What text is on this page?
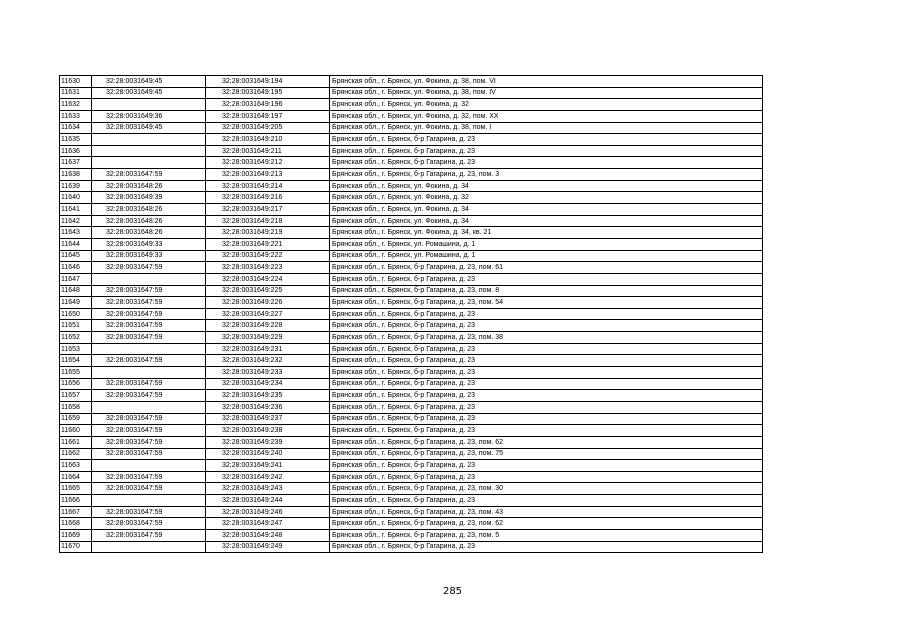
11630	32:28:0031649:45	32:28:0031649:194	Брянская обл., г. Брянск, ул. Фокина, д. 38, пом. VI
11631	32:28:0031649:45	32:28:0031649:195	Брянская обл., г. Брянск, ул. Фокина, д. 38, пом. IV
11632		32:28:0031649:196	Брянская обл., г. Брянск, ул. Фокина, д. 32
11633	32:28:0031649:36	32:28:0031649:197	Брянская обл., г. Брянск, ул. Фокина, д. 32, пом. XX
11634	32:28:0031649:45	32:28:0031649:205	Брянская обл., г. Брянск, ул. Фокина, д. 38, пом. I
11635		32:28:0031649:210	Брянская обл., г. Брянск, б-р Гагарина, д. 23
11636		32:28:0031649:211	Брянская обл., г. Брянск, б-р Гагарина, д. 23
11637		32:28:0031649:212	Брянская обл., г. Брянск, б-р Гагарина, д. 23
11638	32:28:0031647:59	32:28:0031649:213	Брянская обл., г. Брянск, б-р Гагарина, д. 23, пом. 3
11639	32:28:0031648:26	32:28:0031649:214	Брянская обл., г. Брянск, ул. Фокина, д. 34
11640	32:28:0031649:39	32:28:0031649:216	Брянская обл., г. Брянск, ул. Фокина, д. 32
11641	32:28:0031648:26	32:28:0031649:217	Брянская обл., г. Брянск, ул. Фокина, д. 34
11642	32:28:0031648:26	32:28:0031649:218	Брянская обл., г. Брянск, ул. Фокина, д. 34
11643	32:28:0031648:26	32:28:0031649:219	Брянская обл., г. Брянск, ул. Фокина, д. 34, кв. 21
11644	32:28:0031649:33	32:28:0031649:221	Брянская обл., г. Брянск, ул. Ромашина, д. 1
11645	32:28:0031649:33	32:28:0031649:222	Брянская обл., г. Брянск, ул. Ромашина, д. 1
11646	32:28:0031647:59	32:28:0031649:223	Брянская обл., г. Брянск, б-р Гагарина, д. 23, пом. 61
11647		32:28:0031649:224	Брянская обл., г. Брянск, б-р Гагарина, д. 23
11648	32:28:0031647:59	32:28:0031649:225	Брянская обл., г. Брянск, б-р Гагарина, д. 23, пом. 8
11649	32:28:0031647:59	32:28:0031649:226	Брянская обл., г. Брянск, б-р Гагарина, д. 23, пом. 54
11650	32:28:0031647:59	32:28:0031649:227	Брянская обл., г. Брянск, б-р Гагарина, д. 23
11651	32:28:0031647:59	32:28:0031649:228	Брянская обл., г. Брянск, б-р Гагарина, д. 23
11652	32:28:0031647:59	32:28:0031649:229	Брянская обл., г. Брянск, б-р Гагарина, д. 23, пом. 38
11653		32:28:0031649:231	Брянская обл., г. Брянск, б-р Гагарина, д. 23
11654	32:28:0031647:59	32:28:0031649:232	Брянская обл., г. Брянск, б-р Гагарина, д. 23
11655		32:28:0031649:233	Брянская обл., г. Брянск, б-р Гагарина, д. 23
11656	32:28:0031647:59	32:28:0031649:234	Брянская обл., г. Брянск, б-р Гагарина, д. 23
11657	32:28:0031647:59	32:28:0031649:235	Брянская обл., г. Брянск, б-р Гагарина, д. 23
11658		32:28:0031649:236	Брянская обл., г. Брянск, б-р Гагарина, д. 23
11659	32:28:0031647:59	32:28:0031649:237	Брянская обл., г. Брянск, б-р Гагарина, д. 23
11660	32:28:0031647:59	32:28:0031649:238	Брянская обл., г. Брянск, б-р Гагарина, д. 23
11661	32:28:0031647:59	32:28:0031649:239	Брянская обл., г. Брянск, б-р Гагарина, д. 23, пом. 62
11662	32:28:0031647:59	32:28:0031649:240	Брянская обл., г. Брянск, б-р Гагарина, д. 23, пом. 75
11663		32:28:0031649:241	Брянская обл., г. Брянск, б-р Гагарина, д. 23
11664	32:28:0031647:59	32:28:0031649:242	Брянская обл., г. Брянск, б-р Гагарина, д. 23
11665	32:28:0031647:59	32:28:0031649:243	Брянская обл., г. Брянск, б-р Гагарина, д. 23, пом. 30
11666		32:28:0031649:244	Брянская обл., г. Брянск, б-р Гагарина, д. 23
11667	32:28:0031647:59	32:28:0031649:246	Брянская обл., г. Брянск, б-р Гагарина, д. 23, пом. 43
11668	32:28:0031647:59	32:28:0031649:247	Брянская обл., г. Брянск, б-р Гагарина, д. 23, пом. 62
11669	32:28:0031647:59	32:28:0031649:248	Брянская обл., г. Брянск, б-р Гагарина, д. 23, пом. 5
11670		32:28:0031649:249	Брянская обл., г. Брянск, б-р Гагарина, д. 23
285
